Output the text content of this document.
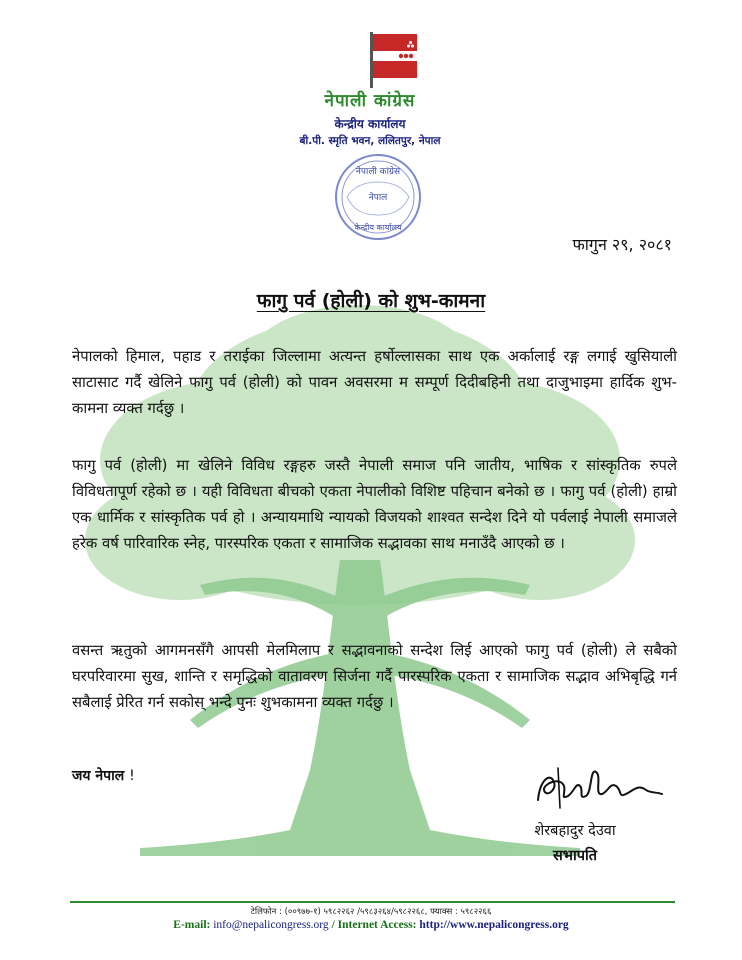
नेपाली कांग्रेस
केन्द्रीय कार्यालय
बी.पी. स्मृति भवन, ललितपुर, नेपाल
नेपाली कांग्रेस
नेपाल
केन्द्रीय कार्यालय
फागुन २९, २०८१
फागु पर्व (होली) को शुभ-कामना

नेपालको हिमाल, पहाड र तराईका जिल्लामा अत्यन्त हर्षोल्लासका साथ एक अर्कालाई रङ्ग लगाई खुसियाली साटासाट गर्दै खेलिने फागु पर्व (होली) को पावन अवसरमा म सम्पूर्ण दिदीबहिनी तथा दाजुभाइमा हार्दिक शुभ-कामना व्यक्त गर्दछु ।

फागु पर्व (होली) मा खेलिने विविध रङ्गहरु जस्तै नेपाली समाज पनि जातीय, भाषिक र सांस्कृतिक रुपले विविधतापूर्ण रहेको छ । यही विविधता बीचको एकता नेपालीको विशिष्ट पहिचान बनेको छ । फागु पर्व (होली) हाम्रो एक धार्मिक र सांस्कृतिक पर्व हो । अन्यायमाथि न्यायको विजयको शाश्वत सन्देश दिने यो पर्वलाई नेपाली समाजले हरेक वर्ष पारिवारिक स्नेह, पारस्परिक एकता र सामाजिक सद्भावका साथ मनाउँदै आएको छ ।

वसन्त ऋतुको आगमनसँगै आपसी मेलमिलाप र सद्भावनाको सन्देश लिई आएको फागु पर्व (होली) ले सबैको घरपरिवारमा सुख, शान्ति र समृद्धिको वातावरण सिर्जना गर्दै पारस्परिक एकता र सामाजिक सद्भाव अभिबृद्धि गर्न सबैलाई प्रेरित गर्न सकोस् भन्दे पुनः शुभकामना व्यक्त गर्दछु ।

जय नेपाल !
शेरबहादुर देउवा
सभापति
टेलिफोन : (००९७७-१) ५९८२२६२ /५९८३२६४/५९८२२६८, फ्याक्स : ५९८२२६६
E-mail: info@nepalicongress.org / Internet Access: http://www.nepalicongress.org
